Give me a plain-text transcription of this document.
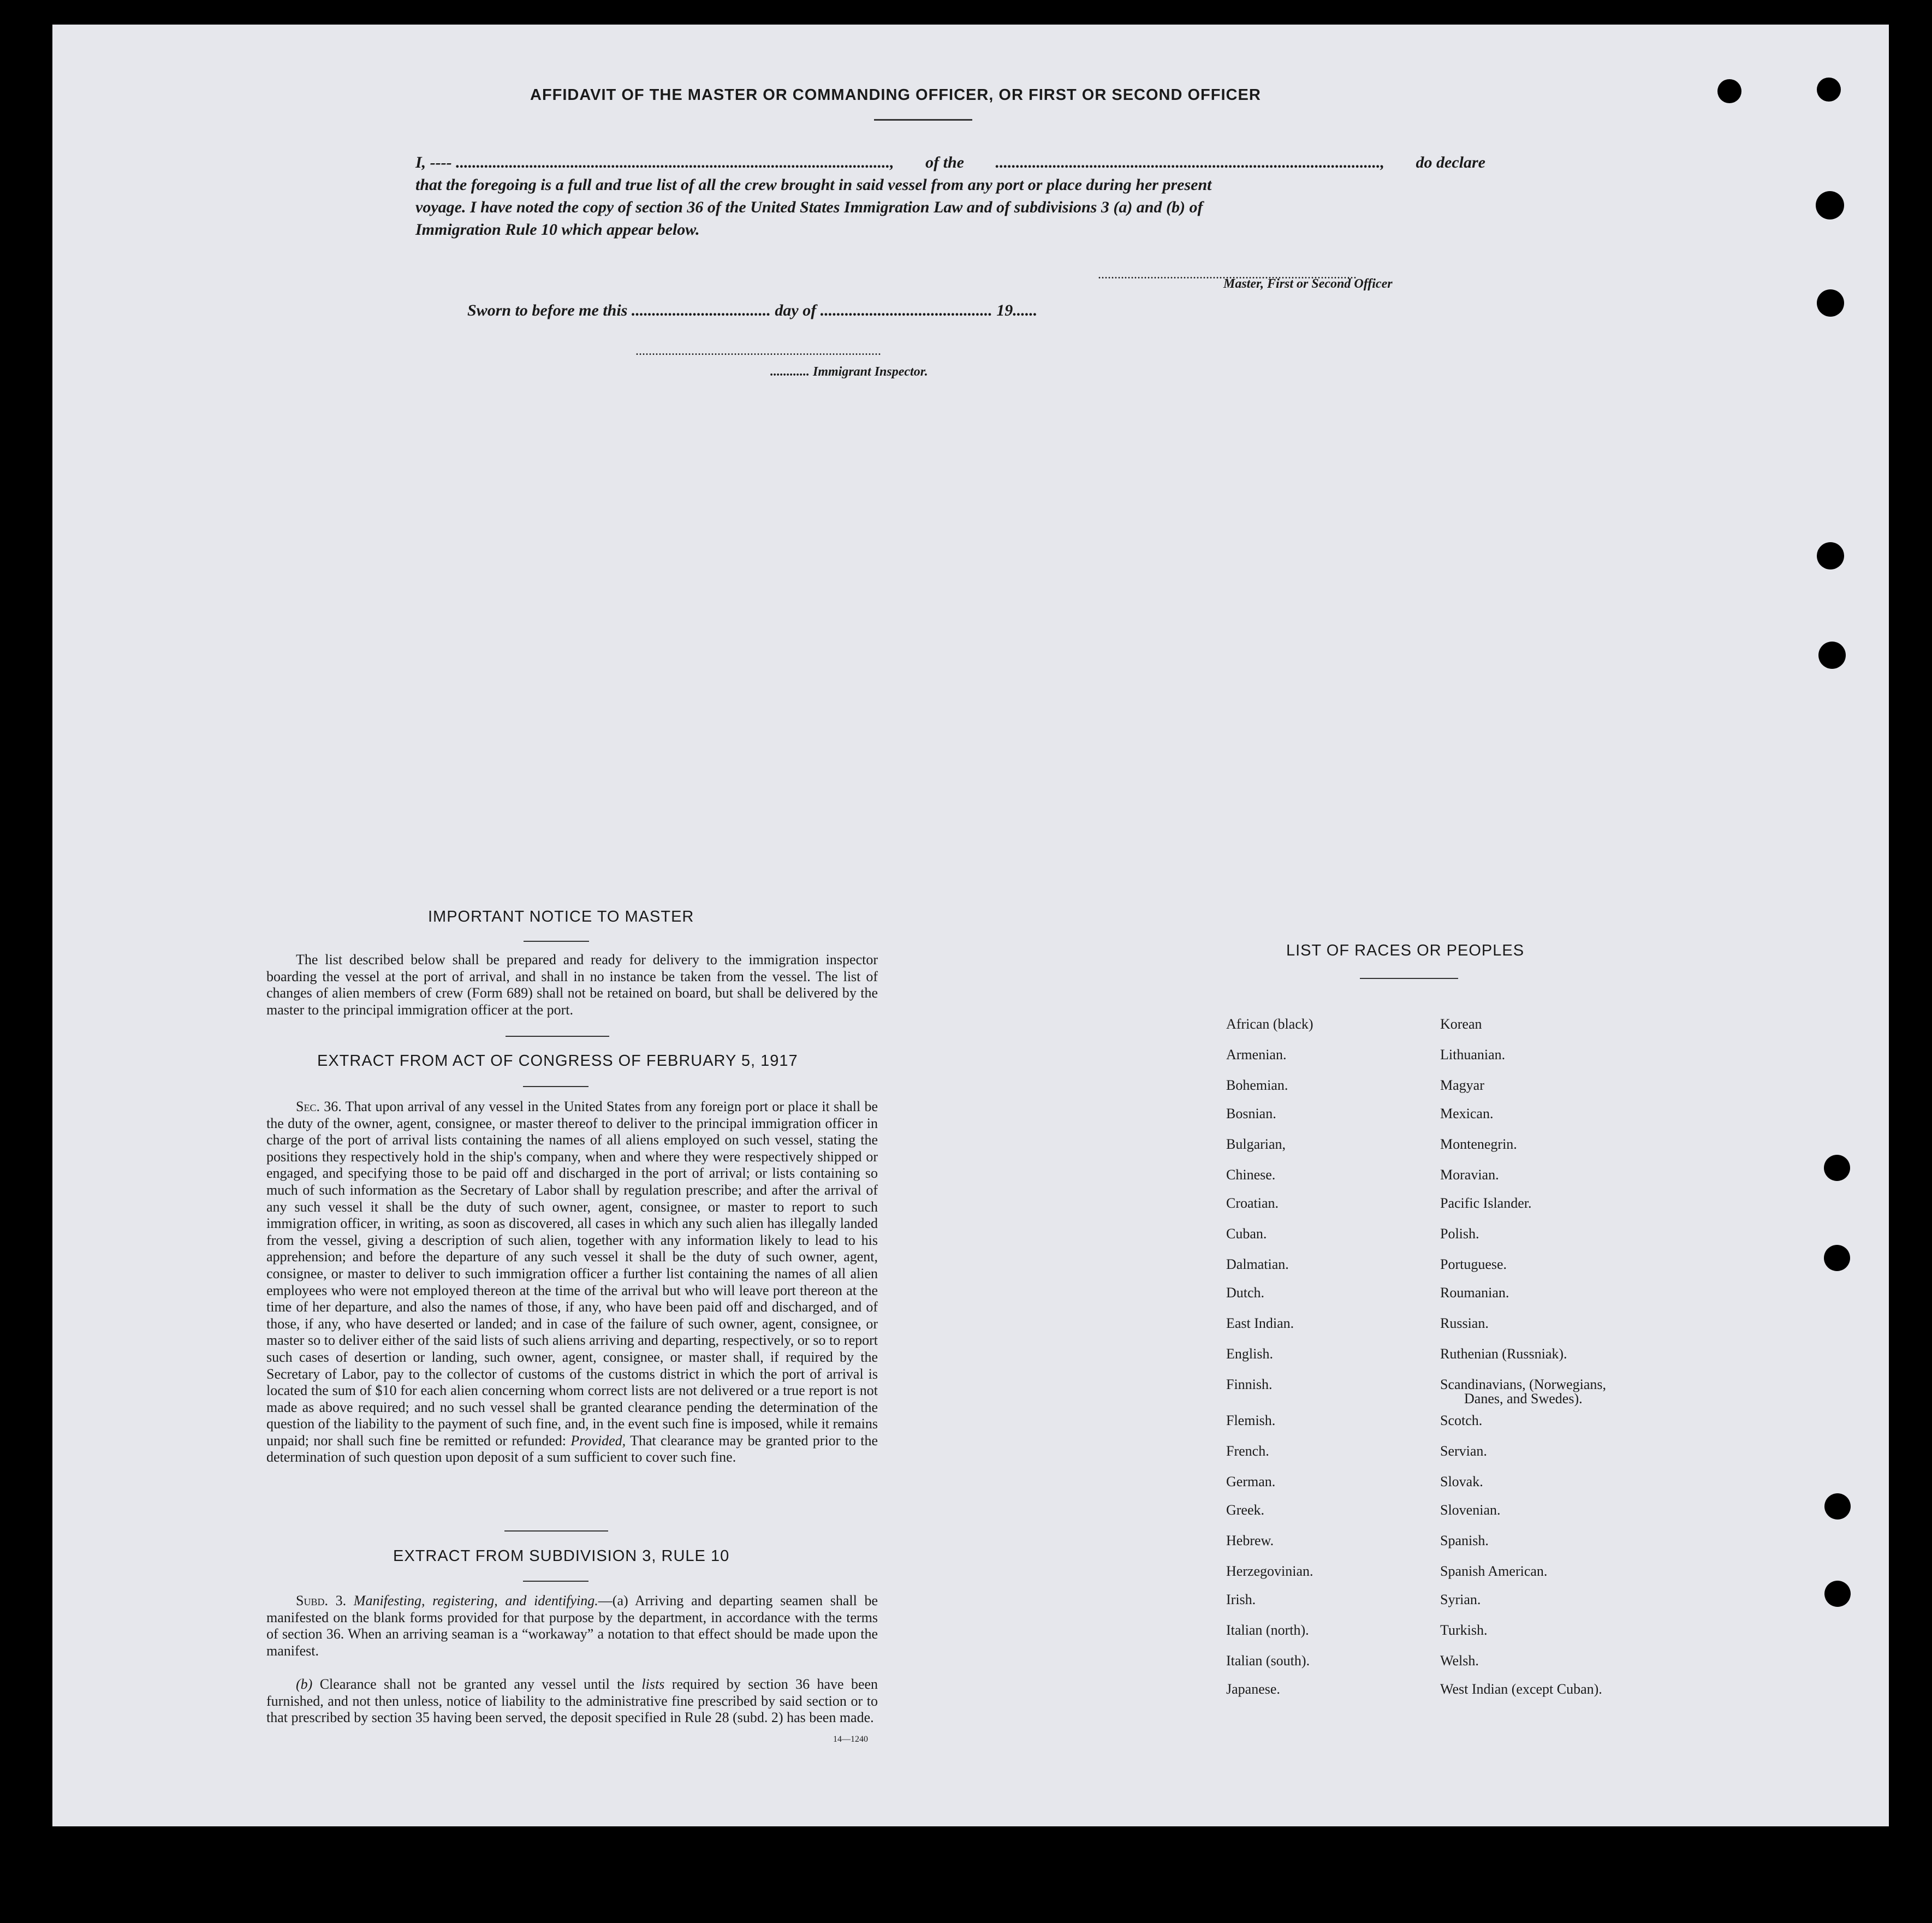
AFFIDAVIT OF THE MASTER OR COMMANDING OFFICER, OR FIRST OR SECOND OFFICER
I, ---- .........................................................................................................., of the .............................................................................................., do declare
that the foregoing is a full and true list of all the crew brought in said vessel from any port or place during her present
voyage. I have noted the copy of section 36 of the United States Immigration Law and of subdivisions 3 (a) and (b) of
Immigration Rule 10 which appear below.
...............................................................................
Master, First or Second Officer
Sworn to before me this .................................. day of .......................................... 19......
...........................................................................
............ Immigrant Inspector.
IMPORTANT NOTICE TO MASTER

The list described below shall be prepared and ready for delivery to the immigration inspector boarding the vessel at the port of arrival, and shall in no instance be taken from the vessel. The list of changes of alien members of crew (Form 689) shall not be retained on board, but shall be delivered by the master to the principal immigration officer at the port.

EXTRACT FROM ACT OF CONGRESS OF FEBRUARY 5, 1917

Sec. 36. That upon arrival of any vessel in the United States from any foreign port or place it shall be the duty of the owner, agent, consignee, or master thereof to deliver to the principal immigration officer in charge of the port of arrival lists containing the names of all aliens employed on such vessel, stating the positions they respectively hold in the ship's company, when and where they were respectively shipped or engaged, and specifying those to be paid off and discharged in the port of arrival; or lists containing so much of such information as the Secretary of Labor shall by regulation prescribe; and after the arrival of any such vessel it shall be the duty of such owner, agent, consignee, or master to report to such immigration officer, in writing, as soon as discovered, all cases in which any such alien has illegally landed from the vessel, giving a description of such alien, together with any information likely to lead to his apprehension; and before the departure of any such vessel it shall be the duty of such owner, agent, consignee, or master to deliver to such immigration officer a further list containing the names of all alien employees who were not employed thereon at the time of the arrival but who will leave port thereon at the time of her departure, and also the names of those, if any, who have been paid off and discharged, and of those, if any, who have deserted or landed; and in case of the failure of such owner, agent, consignee, or master so to deliver either of the said lists of such aliens arriving and departing, respectively, or so to report such cases of desertion or landing, such owner, agent, consignee, or master shall, if required by the Secretary of Labor, pay to the collector of customs of the customs district in which the port of arrival is located the sum of $10 for each alien concerning whom correct lists are not delivered or a true report is not made as above required; and no such vessel shall be granted clearance pending the determination of the question of the liability to the payment of such fine, and, in the event such fine is imposed, while it remains unpaid; nor shall such fine be remitted or refunded: Provided, That clearance may be granted prior to the determination of such question upon deposit of a sum sufficient to cover such fine.

EXTRACT FROM SUBDIVISION 3, RULE 10

Subd. 3. Manifesting, registering, and identifying.—(a) Arriving and departing seamen shall be manifested on the blank forms provided for that purpose by the department, in accordance with the terms of section 36. When an arriving seaman is a “workaway” a notation to that effect should be made upon the manifest.

(b) Clearance shall not be granted any vessel until the lists required by section 36 have been furnished, and not then unless, notice of liability to the administrative fine prescribed by said section or to that prescribed by section 35 having been served, the deposit specified in Rule 28 (subd. 2) has been made.

14—1240
LIST OF RACES OR PEOPLES
African (black)	Korean
Armenian.	Lithuanian.
Bohemian.	Magyar
Bosnian.	Mexican.
Bulgarian,	Montenegrin.
Chinese.	Moravian.
Croatian.	Pacific Islander.
Cuban.	Polish.
Dalmatian.	Portuguese.
Dutch.	Roumanian.
East Indian.	Russian.
English.	Ruthenian (Russniak).
Finnish.	Scandinavians, (Norwegians,
Danes, and Swedes).
Flemish.	Scotch.
French.	Servian.
German.	Slovak.
Greek.	Slovenian.
Hebrew.	Spanish.
Herzegovinian.	Spanish American.
Irish.	Syrian.
Italian (north).	Turkish.
Italian (south).	Welsh.
Japanese.	West Indian (except Cuban).
